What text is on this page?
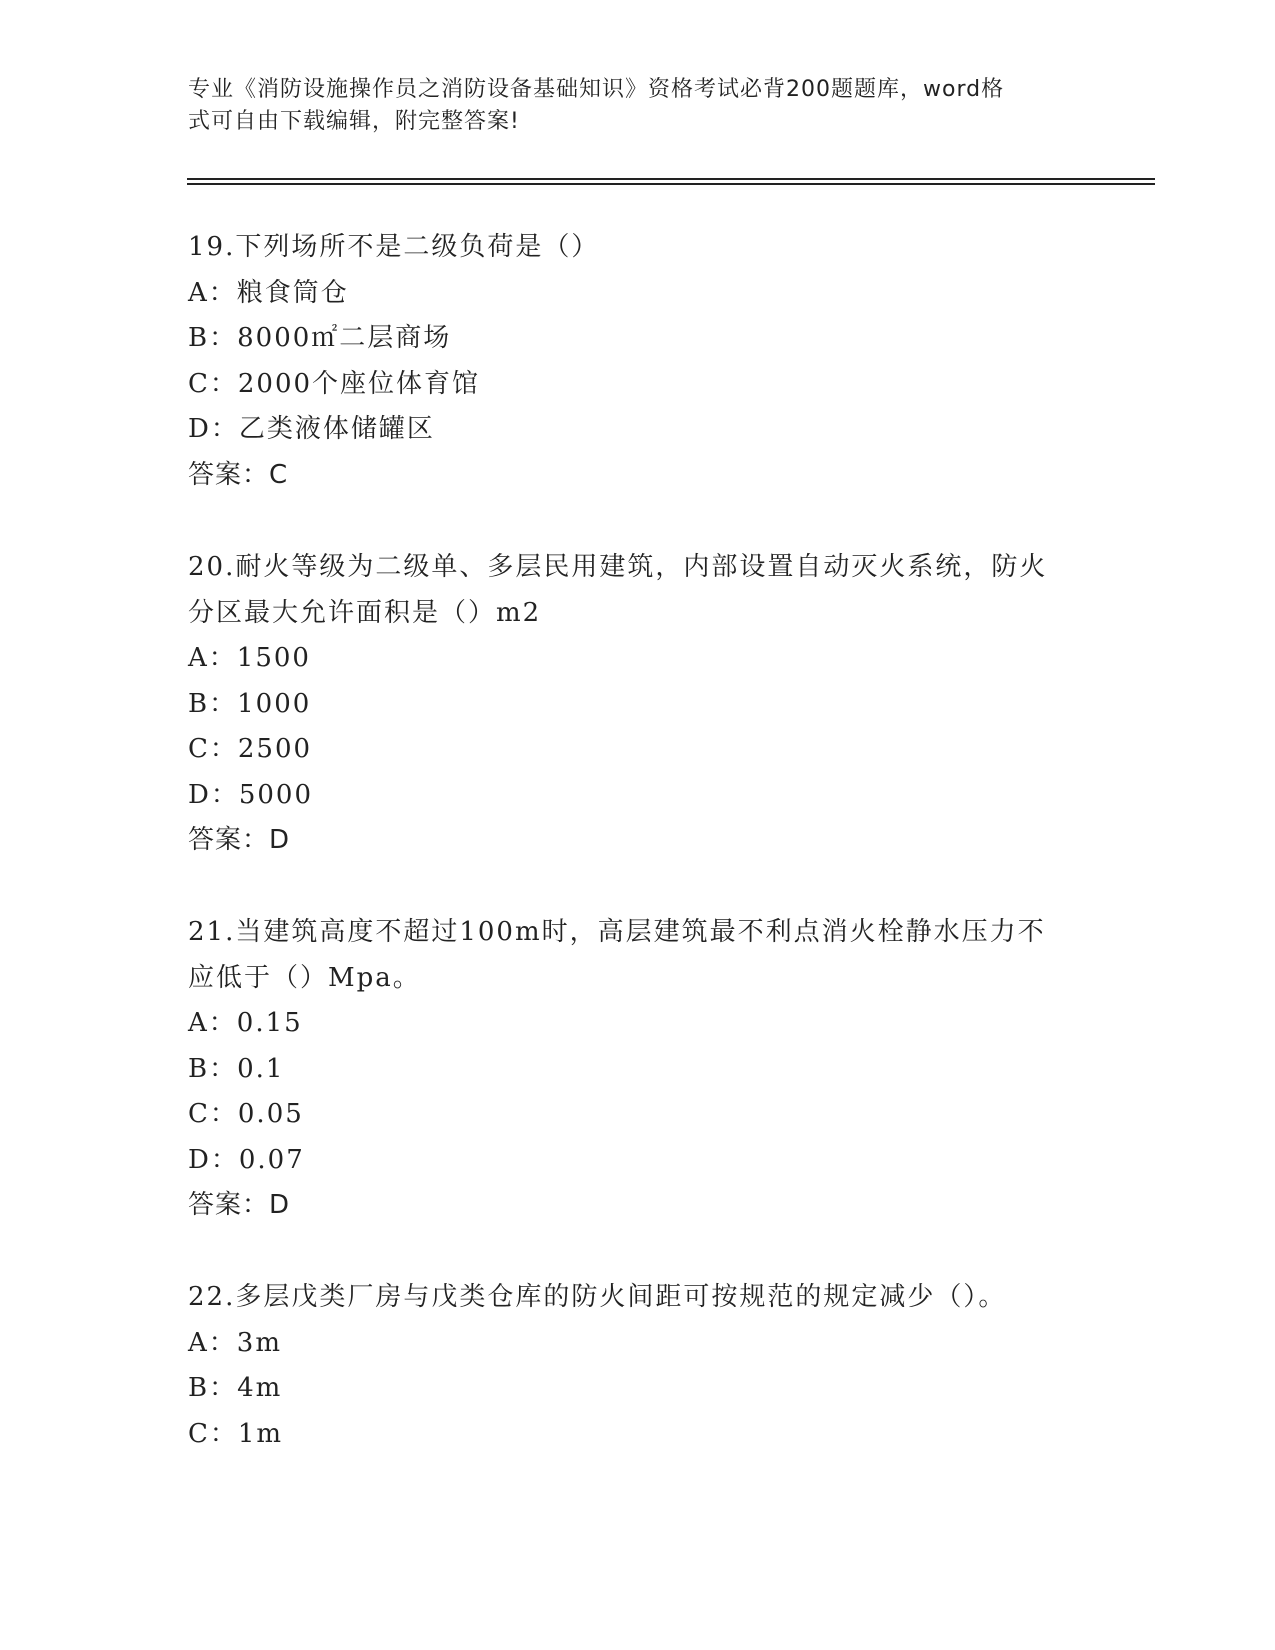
专业《消防设施操作员之消防设备基础知识》资格考试必背200题题库，word格
式可自由下载编辑，附完整答案!
19.下列场所不是二级负荷是（）
A：粮食筒仓
B：8000㎡二层商场
C：2000个座位体育馆
D：乙类液体储罐区
答案：C
20.耐火等级为二级单、多层民用建筑，内部设置自动灭火系统，防火
分区最大允许面积是（）m2
A：1500
B：1000
C：2500
D：5000
答案：D
21.当建筑高度不超过100m时，高层建筑最不利点消火栓静水压力不
应低于（）Mpa。
A：0.15
B：0.1
C：0.05
D：0.07
答案：D
22.多层戊类厂房与戊类仓库的防火间距可按规范的规定减少（）。
A：3m
B：4m
C：1m
